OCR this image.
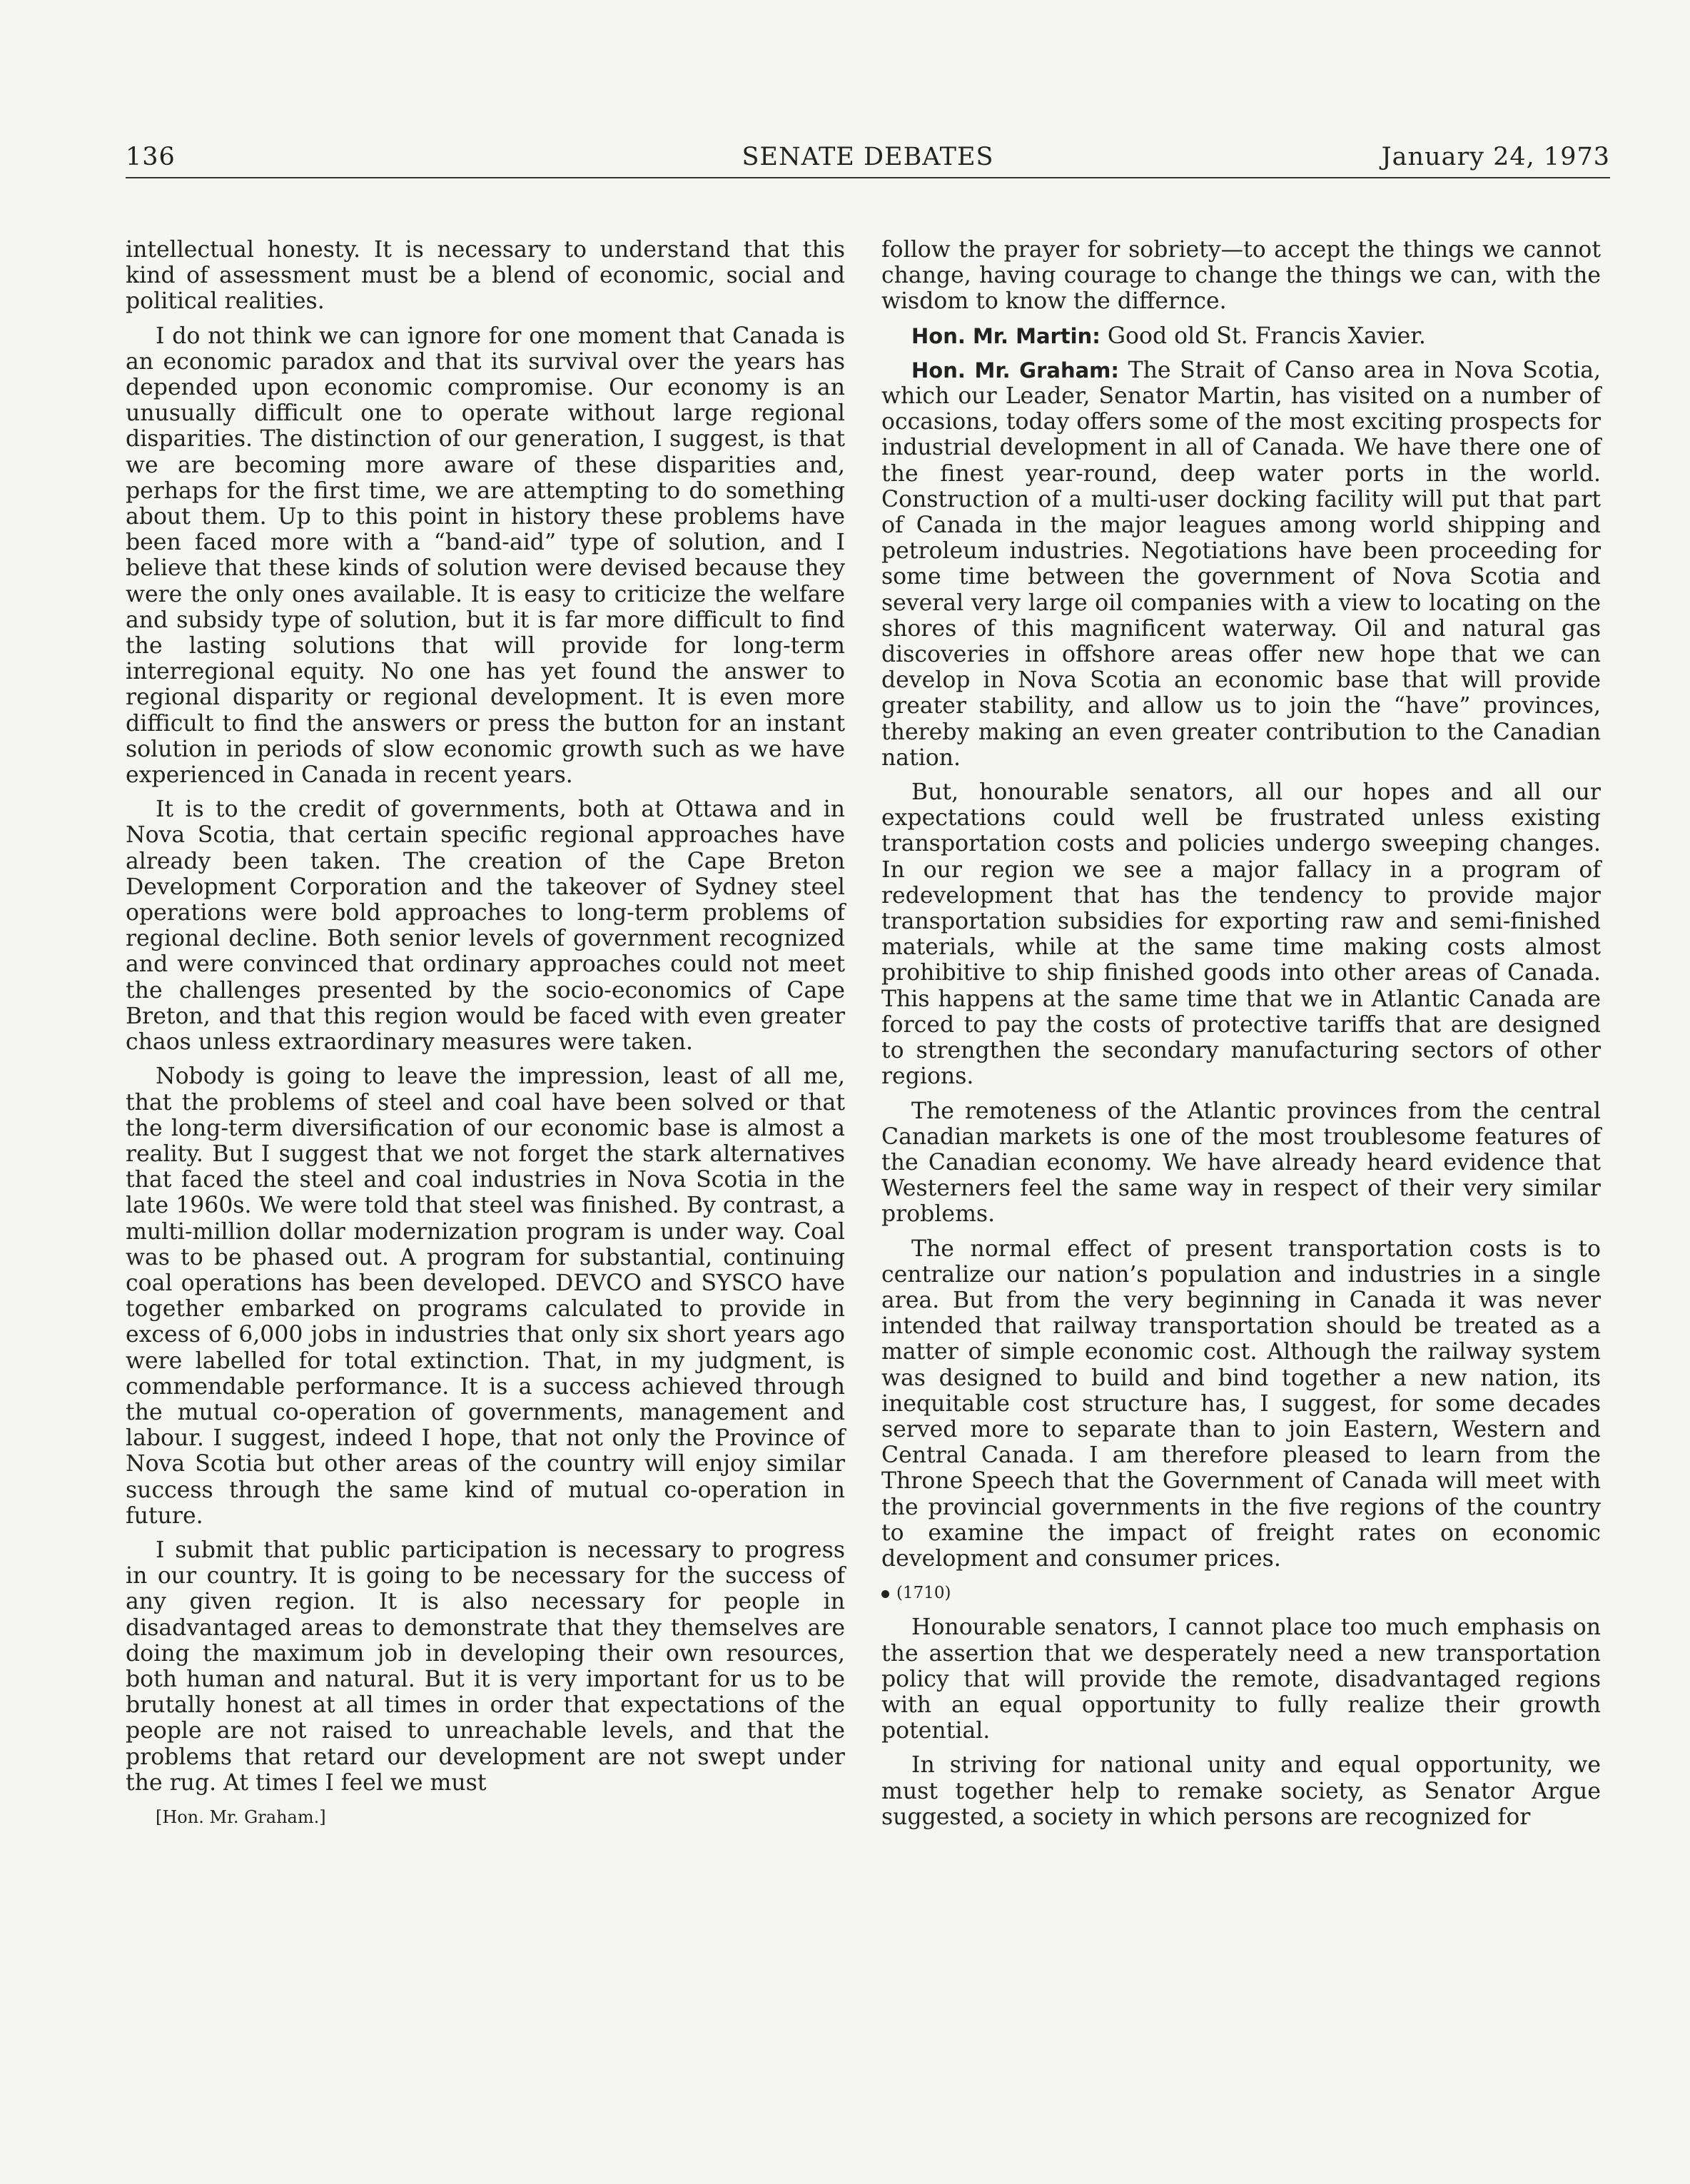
136	SENATE DEBATES	January 24, 1973

intellectual honesty. It is necessary to understand that this kind of assessment must be a blend of economic, social and political realities.

I do not think we can ignore for one moment that Canada is an economic paradox and that its survival over the years has depended upon economic compromise. Our economy is an unusually difficult one to operate without large regional disparities. The distinction of our generation, I suggest, is that we are becoming more aware of these disparities and, perhaps for the first time, we are attempting to do something about them. Up to this point in history these problems have been faced more with a “band-aid” type of solution, and I believe that these kinds of solution were devised because they were the only ones available. It is easy to criticize the welfare and subsidy type of solution, but it is far more difficult to find the lasting solutions that will provide for long-term interregional equity. No one has yet found the answer to regional disparity or regional development. It is even more difficult to find the answers or press the button for an instant solution in periods of slow economic growth such as we have experienced in Canada in recent years.

It is to the credit of governments, both at Ottawa and in Nova Scotia, that certain specific regional approaches have already been taken. The creation of the Cape Breton Development Corporation and the takeover of Sydney steel operations were bold approaches to long-term problems of regional decline. Both senior levels of government recognized and were convinced that ordinary approaches could not meet the challenges presented by the socio-economics of Cape Breton, and that this region would be faced with even greater chaos unless extraordinary measures were taken.

Nobody is going to leave the impression, least of all me, that the problems of steel and coal have been solved or that the long-term diversification of our economic base is almost a reality. But I suggest that we not forget the stark alternatives that faced the steel and coal industries in Nova Scotia in the late 1960s. We were told that steel was finished. By contrast, a multi-million dollar modernization program is under way. Coal was to be phased out. A program for substantial, continuing coal operations has been developed. DEVCO and SYSCO have together embarked on programs calculated to provide in excess of 6,000 jobs in industries that only six short years ago were labelled for total extinction. That, in my judgment, is commendable performance. It is a success achieved through the mutual co-operation of governments, management and labour. I suggest, indeed I hope, that not only the Province of Nova Scotia but other areas of the country will enjoy similar success through the same kind of mutual co-operation in future.

I submit that public participation is necessary to progress in our country. It is going to be necessary for the success of any given region. It is also necessary for people in disadvantaged areas to demonstrate that they themselves are doing the maximum job in developing their own resources, both human and natural. But it is very important for us to be brutally honest at all times in order that expectations of the people are not raised to unreachable levels, and that the problems that retard our development are not swept under the rug. At times I feel we must

[Hon. Mr. Graham.]

follow the prayer for sobriety—to accept the things we cannot change, having courage to change the things we can, with the wisdom to know the differnce.

Hon. Mr. Martin: Good old St. Francis Xavier.

Hon. Mr. Graham: The Strait of Canso area in Nova Scotia, which our Leader, Senator Martin, has visited on a number of occasions, today offers some of the most exciting prospects for industrial development in all of Canada. We have there one of the finest year-round, deep water ports in the world. Construction of a multi-user docking facility will put that part of Canada in the major leagues among world shipping and petroleum industries. Negotiations have been proceeding for some time between the government of Nova Scotia and several very large oil companies with a view to locating on the shores of this magnificent waterway. Oil and natural gas discoveries in offshore areas offer new hope that we can develop in Nova Scotia an economic base that will provide greater stability, and allow us to join the “have” provinces, thereby making an even greater contribution to the Canadian nation.

But, honourable senators, all our hopes and all our expectations could well be frustrated unless existing transportation costs and policies undergo sweeping changes. In our region we see a major fallacy in a program of redevelopment that has the tendency to provide major transportation subsidies for exporting raw and semi-finished materials, while at the same time making costs almost prohibitive to ship finished goods into other areas of Canada. This happens at the same time that we in Atlantic Canada are forced to pay the costs of protective tariffs that are designed to strengthen the secondary manufacturing sectors of other regions.

The remoteness of the Atlantic provinces from the central Canadian markets is one of the most troublesome features of the Canadian economy. We have already heard evidence that Westerners feel the same way in respect of their very similar problems.

The normal effect of present transportation costs is to centralize our nation’s population and industries in a single area. But from the very beginning in Canada it was never intended that railway transportation should be treated as a matter of simple economic cost. Although the railway system was designed to build and bind together a new nation, its inequitable cost structure has, I suggest, for some decades served more to separate than to join Eastern, Western and Central Canada. I am therefore pleased to learn from the Throne Speech that the Government of Canada will meet with the provincial governments in the five regions of the country to examine the impact of freight rates on economic development and consumer prices.

(1710)

Honourable senators, I cannot place too much emphasis on the assertion that we desperately need a new transportation policy that will provide the remote, disadvantaged regions with an equal opportunity to fully realize their growth potential.

In striving for national unity and equal opportunity, we must together help to remake society, as Senator Argue suggested, a society in which persons are recognized for
